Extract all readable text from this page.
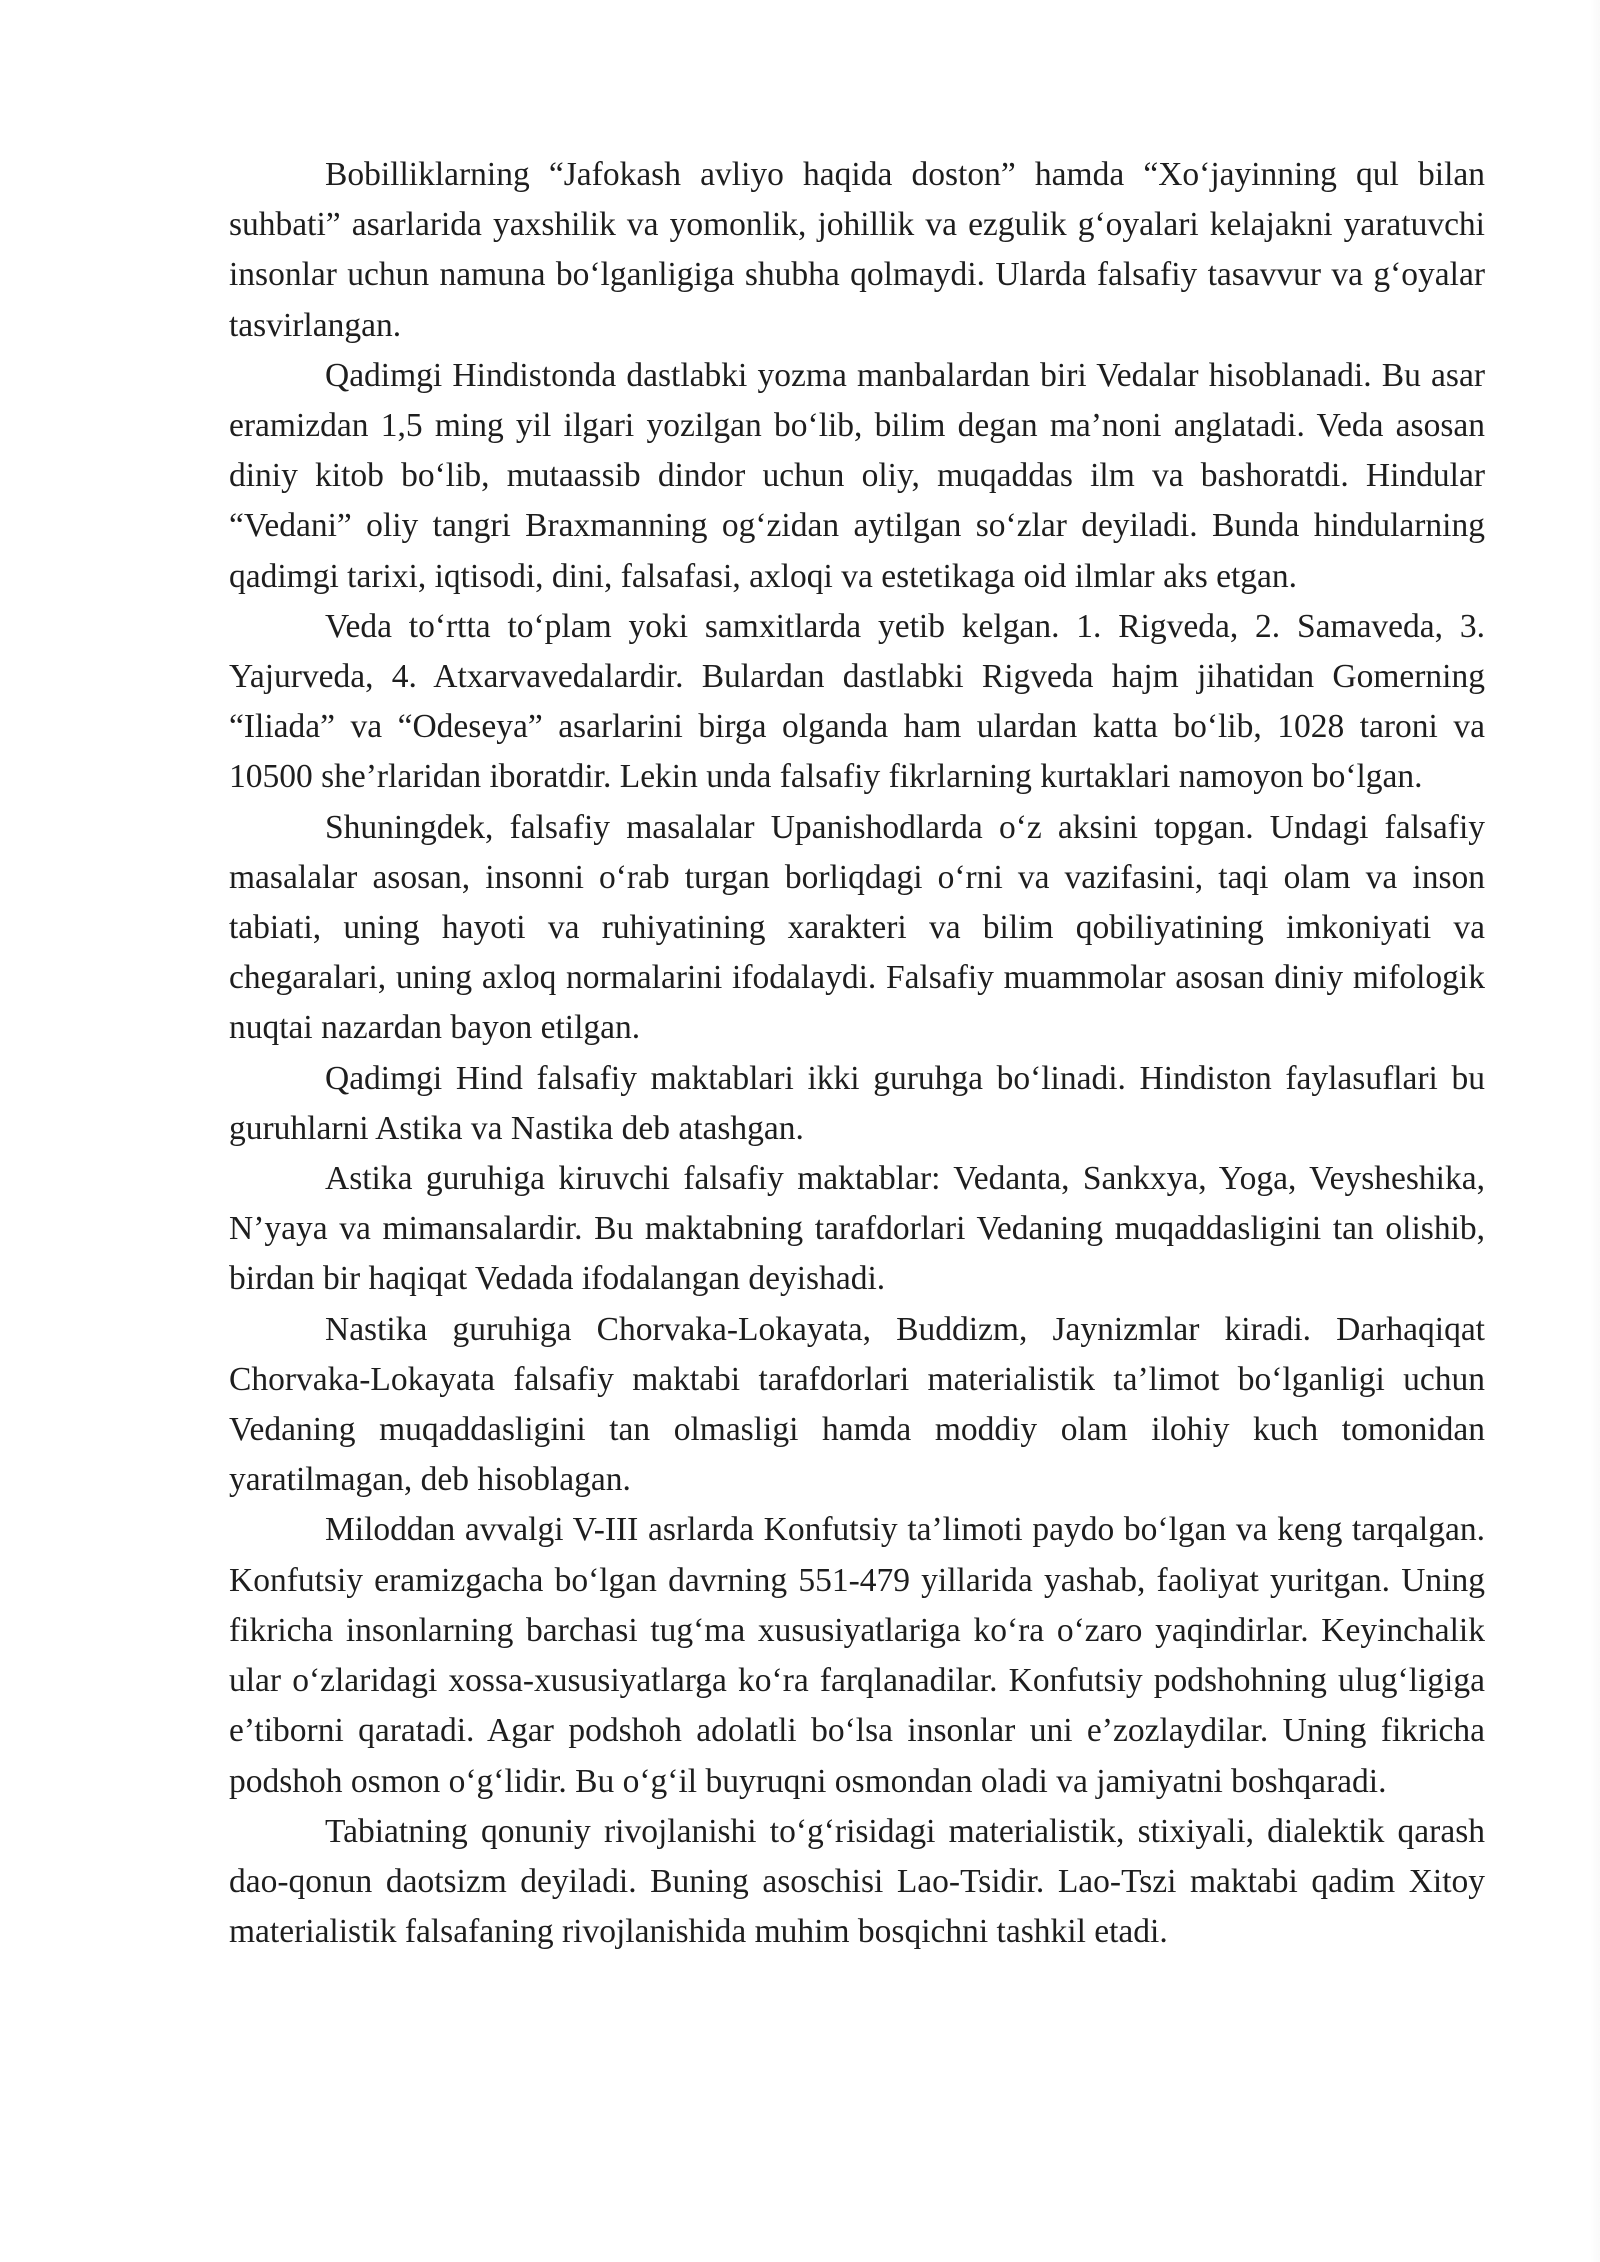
Bobilliklarning “Jafokash avliyo haqida doston” hamda “Xo‘jayinning qul bilan suhbati” asarlarida yaxshilik va yomonlik, johillik va ezgulik g‘oyalari kelajakni yaratuvchi insonlar uchun namuna bo‘lganligiga shubha qolmaydi. Ularda falsafiy tasavvur va g‘oyalar tasvirlangan.

Qadimgi Hindistonda dastlabki yozma manbalardan biri Vedalar hisoblanadi. Bu asar eramizdan 1,5 ming yil ilgari yozilgan bo‘lib, bilim degan ma’noni anglatadi. Veda asosan diniy kitob bo‘lib, mutaassib dindor uchun oliy, muqaddas ilm va bashoratdi. Hindular “Vedani” oliy tangri Braxmanning og‘zidan aytilgan so‘zlar deyiladi. Bunda hindularning qadimgi tarixi, iqtisodi, dini, falsafasi, axloqi va estetikaga oid ilmlar aks etgan.

Veda to‘rtta to‘plam yoki samxitlarda yetib kelgan. 1. Rigveda, 2. Samaveda, 3. Yajurveda, 4. Atxarvavedalardir. Bulardan dastlabki Rigveda hajm jihatidan Gomerning “Iliada” va “Odeseya” asarlarini birga olganda ham ulardan katta bo‘lib, 1028 taroni va 10500 she’rlaridan iboratdir. Lekin unda falsafiy fikrlarning kurtaklari namoyon bo‘lgan.

Shuningdek, falsafiy masalalar Upanishodlarda o‘z aksini topgan. Undagi falsafiy masalalar asosan, insonni o‘rab turgan borliqdagi o‘rni va vazifasini, taqi olam va inson tabiati, uning hayoti va ruhiyatining xarakteri va bilim qobiliyatining imkoniyati va chegaralari, uning axloq normalarini ifodalaydi. Falsafiy muammolar asosan diniy mifologik nuqtai nazardan bayon etilgan.

Qadimgi Hind falsafiy maktablari ikki guruhga bo‘linadi. Hindiston faylasuflari bu guruhlarni Astika va Nastika deb atashgan.

Astika guruhiga kiruvchi falsafiy maktablar: Vedanta, Sankxya, Yoga, Veysheshika, N’yaya va mimansalardir. Bu maktabning tarafdorlari Vedaning muqaddasligini tan olishib, birdan bir haqiqat Vedada ifodalangan deyishadi.

Nastika guruhiga Chorvaka-Lokayata, Buddizm, Jaynizmlar kiradi. Darhaqiqat Chorvaka-Lokayata falsafiy maktabi tarafdorlari materialistik ta’limot bo‘lganligi uchun Vedaning muqaddasligini tan olmasligi hamda moddiy olam ilohiy kuch tomonidan yaratilmagan, deb hisoblagan.

Miloddan avvalgi V-III asrlarda Konfutsiy ta’limoti paydo bo‘lgan va keng tarqalgan. Konfutsiy eramizgacha bo‘lgan davrning 551-479 yillarida yashab, faoliyat yuritgan. Uning fikricha insonlarning barchasi tug‘ma xususiyatlariga ko‘ra o‘zaro yaqindirlar. Keyinchalik ular o‘zlaridagi xossa-xususiyatlarga ko‘ra farqlanadilar. Konfutsiy podshohning ulug‘ligiga e’tiborni qaratadi. Agar podshoh adolatli bo‘lsa insonlar uni e’zozlaydilar. Uning fikricha podshoh osmon o‘g‘lidir. Bu o‘g‘il buyruqni osmondan oladi va jamiyatni boshqaradi.

Tabiatning qonuniy rivojlanishi to‘g‘risidagi materialistik, stixiyali, dialektik qarash dao-qonun daotsizm deyiladi. Buning asoschisi Lao-Tsidir. Lao-Tszi maktabi qadim Xitoy materialistik falsafaning rivojlanishida muhim bosqichni tashkil etadi.
